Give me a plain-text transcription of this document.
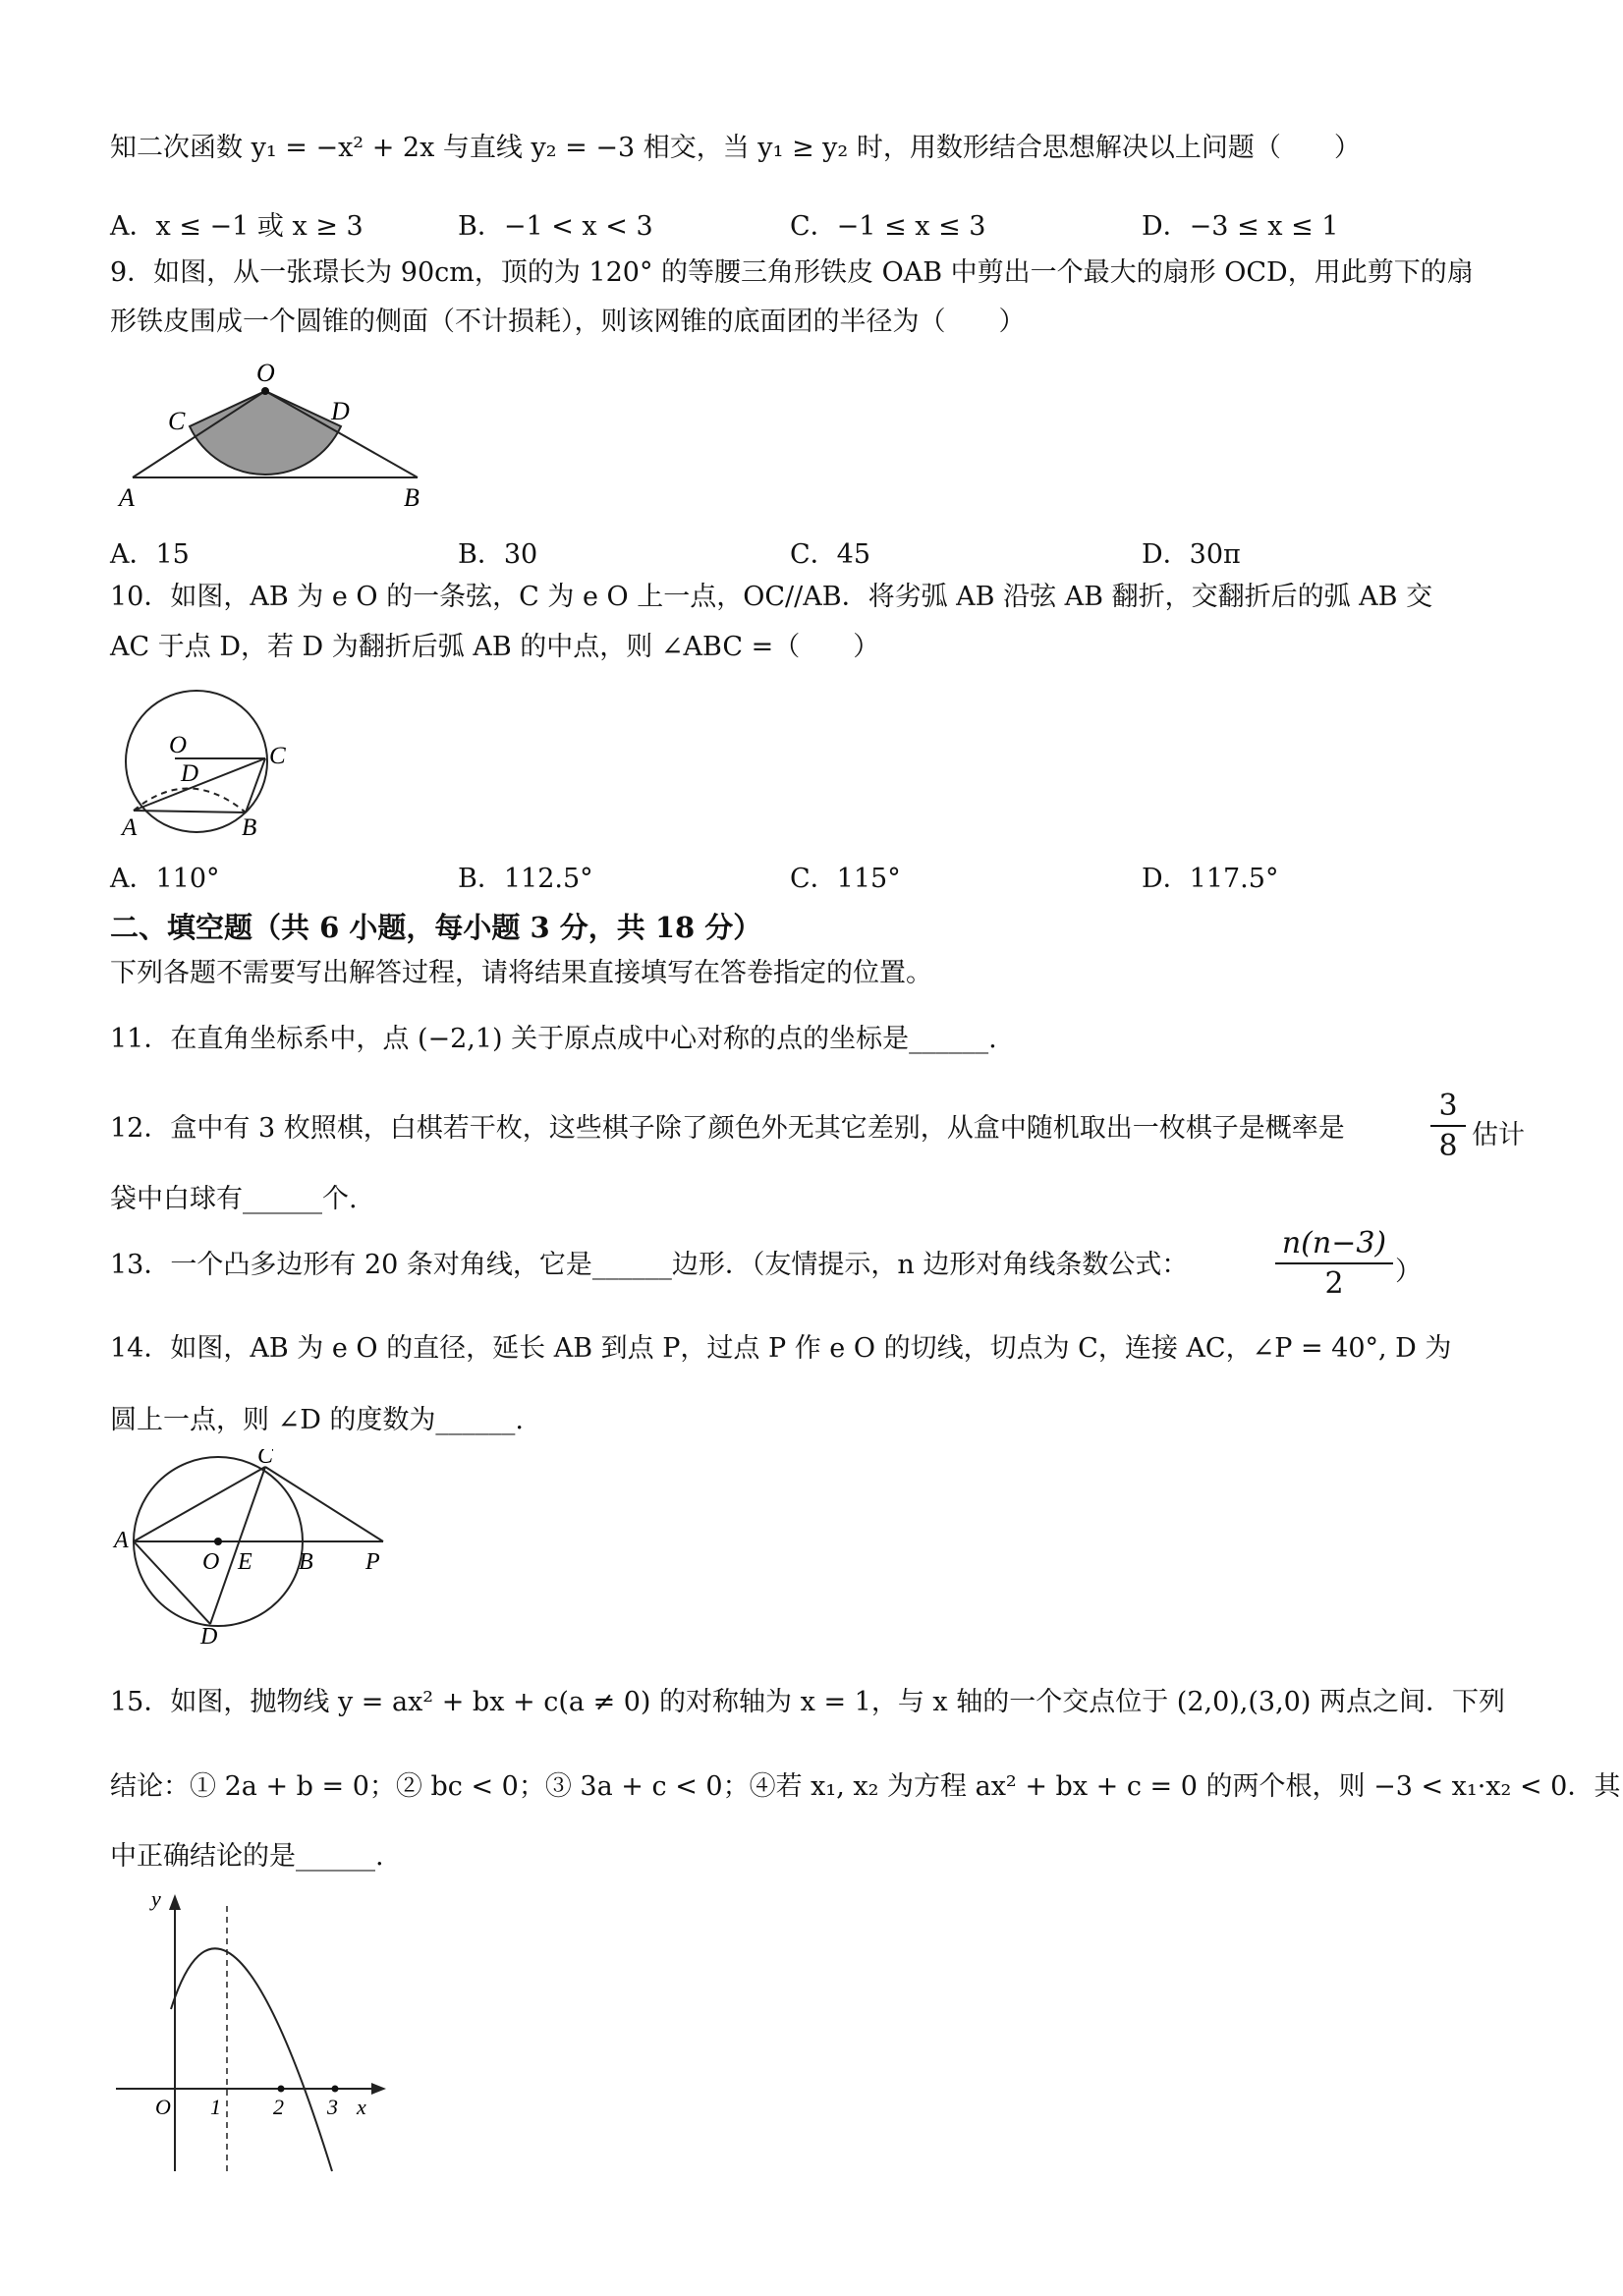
知二次函数 y₁ = −x² + 2x 与直线 y₂ = −3 相交，当 y₁ ≥ y₂ 时，用数形结合思想解决以上问题（　　）
A．x ≤ −1 或 x ≥ 3	B．−1 < x < 3	C．−1 ≤ x ≤ 3	D．−3 ≤ x ≤ 1
9．如图，从一张璟长为 90cm，顶的为 120° 的等腰三角形铁皮 OAB 中剪出一个最大的扇形 OCD，用此剪下的扇
形铁皮围成一个圆锥的侧面（不计损耗），则该网锥的底面团的半径为（　　）
O
C	D
A	B
A．15	B．30	C．45	D．30π
10．如图，AB 为 e O 的一条弦，C 为 e O 上一点，OC//AB．将劣弧 AB 沿弦 AB 翻折，交翻折后的弧 AB 交
AC 于点 D，若 D 为翻折后弧 AB 的中点，则 ∠ABC =（　　）
O	C
D
A	B
A．110°	B．112.5°	C．115°	D．117.5°
二、填空题（共 6 小题，每小题 3 分，共 18 分）
下列各题不需要写出解答过程，请将结果直接填写在答卷指定的位置。
11．在直角坐标系中，点 (−2,1) 关于原点成中心对称的点的坐标是______.
12．盒中有 3 枚照棋，白棋若干枚，这些棋子除了颜色外无其它差别，从盒中随机取出一枚棋子是概率是
3
8 估计
袋中白球有______个.
13．一个凸多边形有 20 条对角线，它是______边形．（友情提示，n 边形对角线条数公式：
n(n−3)
2	）
14．如图，AB 为 e O 的直径，延长 AB 到点 P，过点 P 作 e O 的切线，切点为 C，连接 AC，∠P = 40°, D 为
圆上一点，则 ∠D 的度数为______.
C
A
O E B P
D
15．如图，抛物线 y = ax² + bx + c(a ≠ 0) 的对称轴为 x = 1，与 x 轴的一个交点位于 (2,0),(3,0) 两点之间．下列
结论：① 2a + b = 0；② bc < 0；③ 3a + c < 0；④若 x₁, x₂ 为方程 ax² + bx + c = 0 的两个根，则 −3 < x₁·x₂ < 0．其
中正确结论的是______.
y
O 1 2 3 x
